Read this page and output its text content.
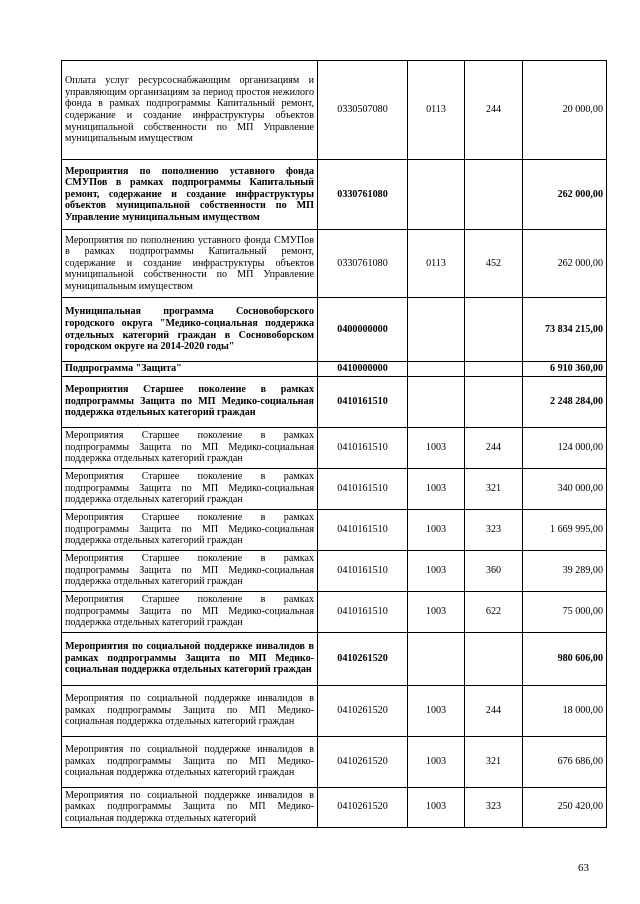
Оплата услуг ресурсоснабжающим организациям и управляющим организациям за период простоя нежилого фонда в рамках подпрограммы Капитальный ремонт, содержание и создание инфраструктуры объектов муниципальной собственности по МП Управление муниципальным имуществом	0330507080	0113	244	20 000,00
Мероприятия по пополнению уставного фонда СМУПов в рамках подпрограммы Капитальный ремонт, содержание и создание инфраструктуры объектов муниципальной собственности по МП Управление муниципальным имуществом	0330761080			262 000,00
Мероприятия по пополнению уставного фонда СМУПов в рамках подпрограммы Капитальный ремонт, содержание и создание инфраструктуры объектов муниципальной собственности по МП Управление муниципальным имуществом	0330761080	0113	452	262 000,00
Муниципальная программа Сосновоборского городского округа "Медико-социальная поддержка отдельных категорий граждан в Сосновоборском городском округе на 2014-2020 годы"	0400000000			73 834 215,00
Подпрограмма "Защита"	0410000000			6 910 360,00
Мероприятия Старшее поколение в рамках подпрограммы Защита по МП Медико-социальная поддержка отдельных категорий граждан	0410161510			2 248 284,00
Мероприятия Старшее поколение в рамках подпрограммы Защита по МП Медико-социальная поддержка отдельных категорий граждан	0410161510	1003	244	124 000,00
Мероприятия Старшее поколение в рамках подпрограммы Защита по МП Медико-социальная поддержка отдельных категорий граждан	0410161510	1003	321	340 000,00
Мероприятия Старшее поколение в рамках подпрограммы Защита по МП Медико-социальная поддержка отдельных категорий граждан	0410161510	1003	323	1 669 995,00
Мероприятия Старшее поколение в рамках подпрограммы Защита по МП Медико-социальная поддержка отдельных категорий граждан	0410161510	1003	360	39 289,00
Мероприятия Старшее поколение в рамках подпрограммы Защита по МП Медико-социальная поддержка отдельных категорий граждан	0410161510	1003	622	75 000,00
Мероприятия по социальной поддержке инвалидов в рамках подпрограммы Защита по МП Медико-социальная поддержка отдельных категорий граждан	0410261520			980 606,00
Мероприятия по социальной поддержке инвалидов в рамках подпрограммы Защита по МП Медико-социальная поддержка отдельных категорий граждан	0410261520	1003	244	18 000,00
Мероприятия по социальной поддержке инвалидов в рамках подпрограммы Защита по МП Медико-социальная поддержка отдельных категорий граждан	0410261520	1003	321	676 686,00
Мероприятия по социальной поддержке инвалидов в рамках подпрограммы Защита по МП Медико-социальная поддержка отдельных категорий	0410261520	1003	323	250 420,00
63
